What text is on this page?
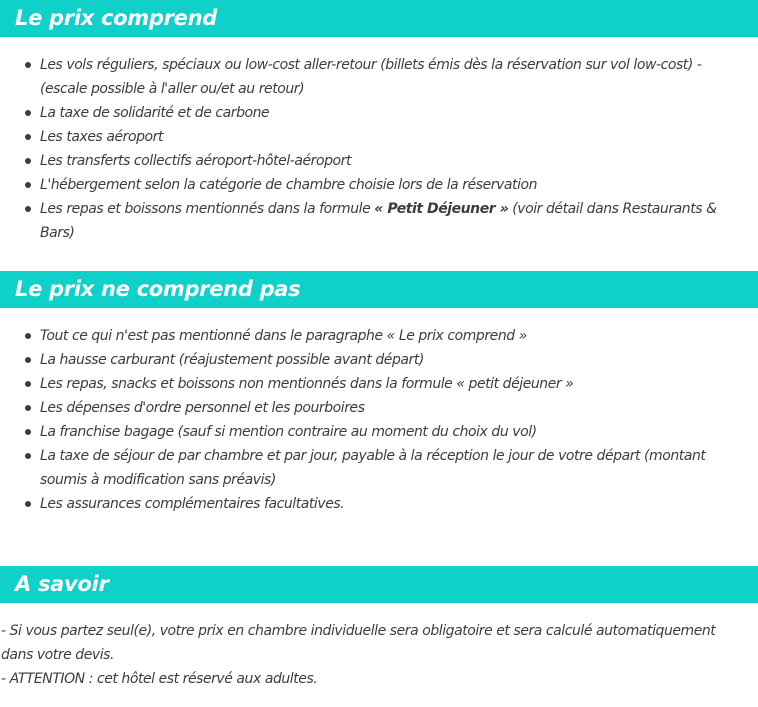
Le prix comprend
Les vols réguliers, spéciaux ou low-cost aller-retour (billets émis dès la réservation sur vol low-cost) - (escale possible à l'aller ou/et au retour)
La taxe de solidarité et de carbone
Les taxes aéroport
Les transferts collectifs aéroport-hôtel-aéroport
L'hébergement selon la catégorie de chambre choisie lors de la réservation
Les repas et boissons mentionnés dans la formule « Petit Déjeuner » (voir détail dans Restaurants & Bars)
Le prix ne comprend pas
Tout ce qui n'est pas mentionné dans le paragraphe « Le prix comprend »
La hausse carburant (réajustement possible avant départ)
Les repas, snacks et boissons non mentionnés dans la formule « petit déjeuner »
Les dépenses d'ordre personnel et les pourboires
La franchise bagage (sauf si mention contraire au moment du choix du vol)
La taxe de séjour de par chambre et par jour, payable à la réception le jour de votre départ (montant soumis à modification sans préavis)
Les assurances complémentaires facultatives.
A savoir

- Si vous partez seul(e), votre prix en chambre individuelle sera obligatoire et sera calculé automatiquement dans votre devis.

- ATTENTION : cet hôtel est réservé aux adultes.
